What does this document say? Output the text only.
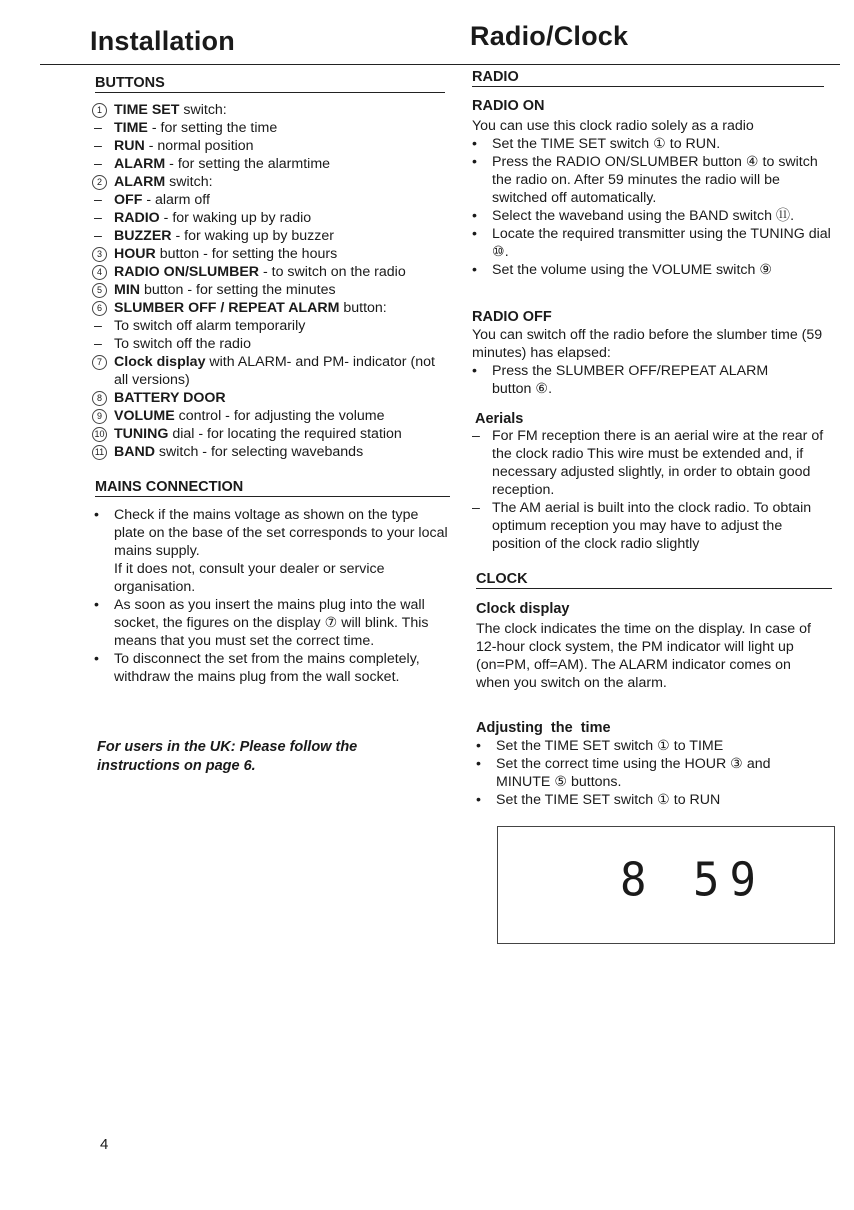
Installation	Radio/Clock
BUTTONS
1 TIME SET switch:
– TIME - for setting the time
– RUN - normal position
– ALARM - for setting the alarmtime
2 ALARM switch:
– OFF - alarm off
– RADIO - for waking up by radio
– BUZZER - for waking up by buzzer
3 HOUR button - for setting the hours
4 RADIO ON/SLUMBER - to switch on the radio
5 MIN button - for setting the minutes
6 SLUMBER OFF / REPEAT ALARM button:
– To switch off alarm temporarily
– To switch off the radio
7 Clock display with ALARM- and PM- indicator (not all versions)
8 BATTERY DOOR
9 VOLUME control - for adjusting the volume
10 TUNING dial - for locating the required station
11 BAND switch - for selecting wavebands
MAINS CONNECTION
• Check if the mains voltage as shown on the type plate on the base of the set corresponds to your local mains supply.
If it does not, consult your dealer or service organisation.
• As soon as you insert the mains plug into the wall socket, the figures on the display ⑦ will blink. This means that you must set the correct time.
• To disconnect the set from the mains completely, withdraw the mains plug from the wall socket.
For users in the UK: Please follow the instructions on page 6.
RADIO
RADIO ON

You can use this clock radio solely as a radio

• Set the TIME SET switch ① to RUN.
• Press the RADIO ON/SLUMBER button ④ to switch the radio on. After 59 minutes the radio will be switched off automatically.
• Select the waveband using the BAND switch ⑪.
• Locate the required transmitter using the TUNING dial ⑩.
• Set the volume using the VOLUME switch ⑨
RADIO OFF

You can switch off the radio before the slumber time (59 minutes) has elapsed:

• Press the SLUMBER OFF/REPEAT ALARM button ⑥.
Aerials
– For FM reception there is an aerial wire at the rear of the clock radio This wire must be extended and, if necessary adjusted slightly, in order to obtain good reception.
– The AM aerial is built into the clock radio. To obtain optimum reception you may have to adjust the position of the clock radio slightly
CLOCK
Clock display

The clock indicates the time on the display. In case of 12-hour clock system, the PM indicator will light up (on=PM, off=AM). The ALARM indicator comes on when you switch on the alarm.

Adjusting  the  time
• Set the TIME SET switch ① to TIME
• Set the correct time using the HOUR ③ and MINUTE ⑤ buttons.
• Set the TIME SET switch ① to RUN
8 59
4
